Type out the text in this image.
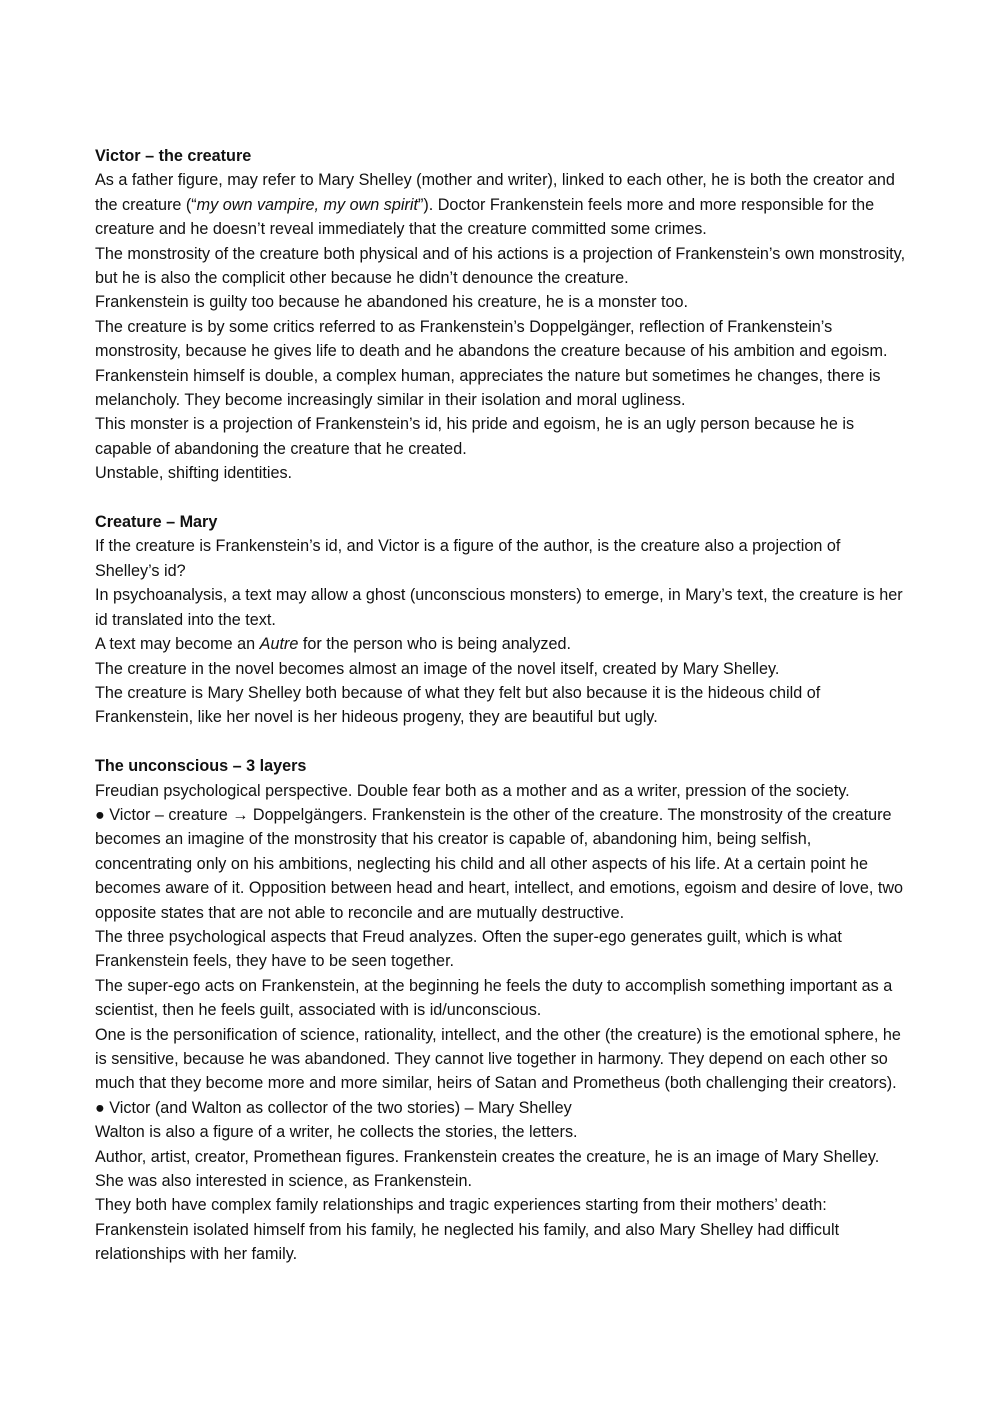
Victor – the creature

As a father figure, may refer to Mary Shelley (mother and writer), linked to each other, he is both the creator and the creature (“my own vampire, my own spirit”). Doctor Frankenstein feels more and more responsible for the creature and he doesn’t reveal immediately that the creature committed some crimes.

The monstrosity of the creature both physical and of his actions is a projection of Frankenstein’s own monstrosity, but he is also the complicit other because he didn’t denounce the creature.

Frankenstein is guilty too because he abandoned his creature, he is a monster too.

The creature is by some critics referred to as Frankenstein’s Doppelgänger, reflection of Frankenstein’s monstrosity, because he gives life to death and he abandons the creature because of his ambition and egoism.

Frankenstein himself is double, a complex human, appreciates the nature but sometimes he changes, there is melancholy. They become increasingly similar in their isolation and moral ugliness.

This monster is a projection of Frankenstein’s id, his pride and egoism, he is an ugly person because he is capable of abandoning the creature that he created.

Unstable, shifting identities.

Creature – Mary

If the creature is Frankenstein’s id, and Victor is a figure of the author, is the creature also a projection of Shelley’s id?

In psychoanalysis, a text may allow a ghost (unconscious monsters) to emerge, in Mary’s text, the creature is her id translated into the text.

A text may become an Autre for the person who is being analyzed.

The creature in the novel becomes almost an image of the novel itself, created by Mary Shelley.

The creature is Mary Shelley both because of what they felt but also because it is the hideous child of Frankenstein, like her novel is her hideous progeny, they are beautiful but ugly.

The unconscious – 3 layers

Freudian psychological perspective. Double fear both as a mother and as a writer, pression of the society.

● Victor – creature → Doppelgängers. Frankenstein is the other of the creature. The monstrosity of the creature becomes an imagine of the monstrosity that his creator is capable of, abandoning him, being selfish, concentrating only on his ambitions, neglecting his child and all other aspects of his life. At a certain point he becomes aware of it. Opposition between head and heart, intellect, and emotions, egoism and desire of love, two opposite states that are not able to reconcile and are mutually destructive.

The three psychological aspects that Freud analyzes. Often the super-ego generates guilt, which is what Frankenstein feels, they have to be seen together.

The super-ego acts on Frankenstein, at the beginning he feels the duty to accomplish something important as a scientist, then he feels guilt, associated with is id/unconscious.

One is the personification of science, rationality, intellect, and the other (the creature) is the emotional sphere, he is sensitive, because he was abandoned. They cannot live together in harmony. They depend on each other so much that they become more and more similar, heirs of Satan and Prometheus (both challenging their creators).

● Victor (and Walton as collector of the two stories) – Mary Shelley

Walton is also a figure of a writer, he collects the stories, the letters.

Author, artist, creator, Promethean figures. Frankenstein creates the creature, he is an image of Mary Shelley. She was also interested in science, as Frankenstein.

They both have complex family relationships and tragic experiences starting from their mothers’ death: Frankenstein isolated himself from his family, he neglected his family, and also Mary Shelley had difficult relationships with her family.
